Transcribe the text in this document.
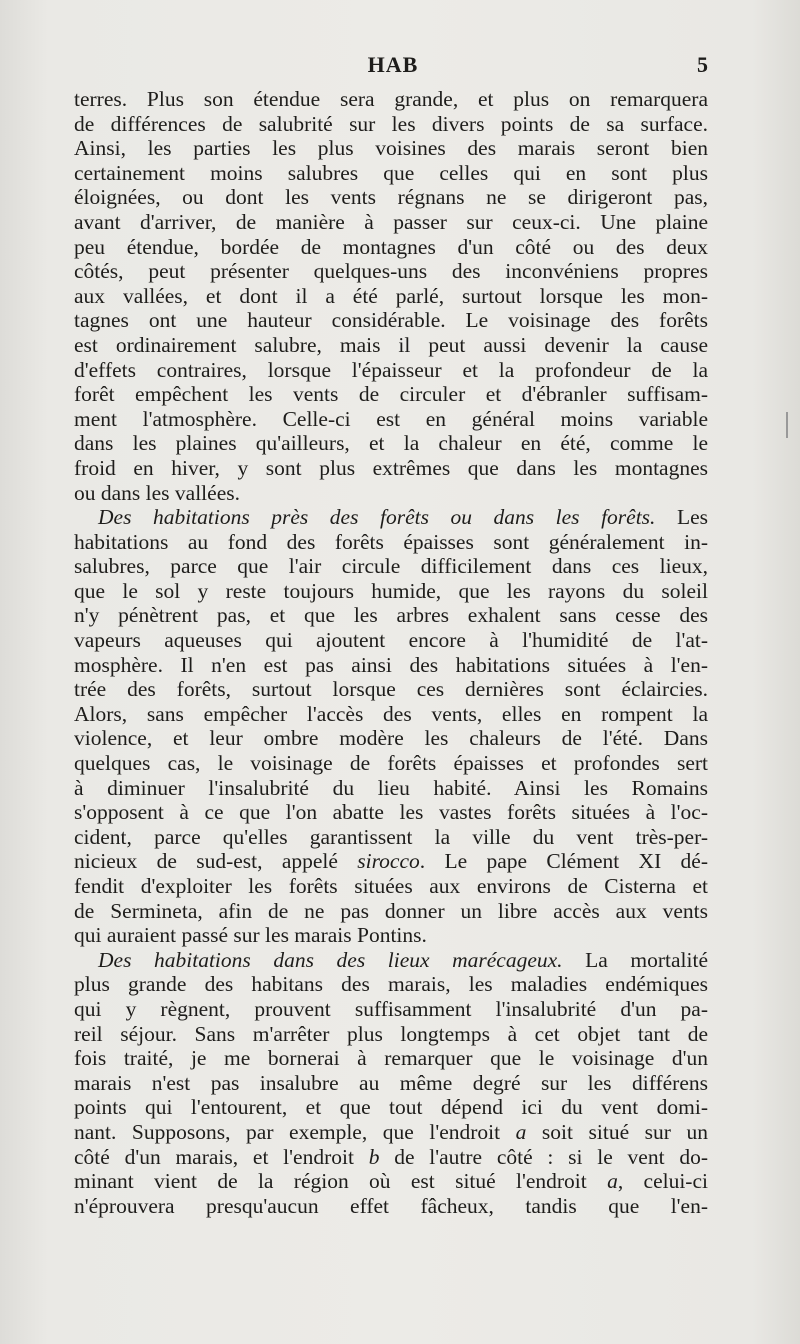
HAB	5
terres. Plus son étendue sera grande, et plus on remarquera
de différences de salubrité sur les divers points de sa surface.
Ainsi, les parties les plus voisines des marais seront bien
certainement moins salubres que celles qui en sont plus
éloignées, ou dont les vents régnans ne se dirigeront pas,
avant d'arriver, de manière à passer sur ceux-ci. Une plaine
peu étendue, bordée de montagnes d'un côté ou des deux
côtés, peut présenter quelques-uns des inconvéniens propres
aux vallées, et dont il a été parlé, surtout lorsque les mon-
tagnes ont une hauteur considérable. Le voisinage des forêts
est ordinairement salubre, mais il peut aussi devenir la cause
d'effets contraires, lorsque l'épaisseur et la profondeur de la
forêt empêchent les vents de circuler et d'ébranler suffisam-
ment l'atmosphère. Celle-ci est en général moins variable
dans les plaines qu'ailleurs, et la chaleur en été, comme le
froid en hiver, y sont plus extrêmes que dans les montagnes
ou dans les vallées.
Des habitations près des forêts ou dans les forêts. Les
habitations au fond des forêts épaisses sont généralement in-
salubres, parce que l'air circule difficilement dans ces lieux,
que le sol y reste toujours humide, que les rayons du soleil
n'y pénètrent pas, et que les arbres exhalent sans cesse des
vapeurs aqueuses qui ajoutent encore à l'humidité de l'at-
mosphère. Il n'en est pas ainsi des habitations situées à l'en-
trée des forêts, surtout lorsque ces dernières sont éclaircies.
Alors, sans empêcher l'accès des vents, elles en rompent la
violence, et leur ombre modère les chaleurs de l'été. Dans
quelques cas, le voisinage de forêts épaisses et profondes sert
à diminuer l'insalubrité du lieu habité. Ainsi les Romains
s'opposent à ce que l'on abatte les vastes forêts situées à l'oc-
cident, parce qu'elles garantissent la ville du vent très-per-
nicieux de sud-est, appelé sirocco. Le pape Clément XI dé-
fendit d'exploiter les forêts situées aux environs de Cisterna et
de Sermineta, afin de ne pas donner un libre accès aux vents
qui auraient passé sur les marais Pontins.
Des habitations dans des lieux marécageux. La mortalité
plus grande des habitans des marais, les maladies endémiques
qui y règnent, prouvent suffisamment l'insalubrité d'un pa-
reil séjour. Sans m'arrêter plus longtemps à cet objet tant de
fois traité, je me bornerai à remarquer que le voisinage d'un
marais n'est pas insalubre au même degré sur les différens
points qui l'entourent, et que tout dépend ici du vent domi-
nant. Supposons, par exemple, que l'endroit a soit situé sur un
côté d'un marais, et l'endroit b de l'autre côté : si le vent do-
minant vient de la région où est situé l'endroit a, celui-ci
n'éprouvera presqu'aucun effet fâcheux, tandis que l'en-
